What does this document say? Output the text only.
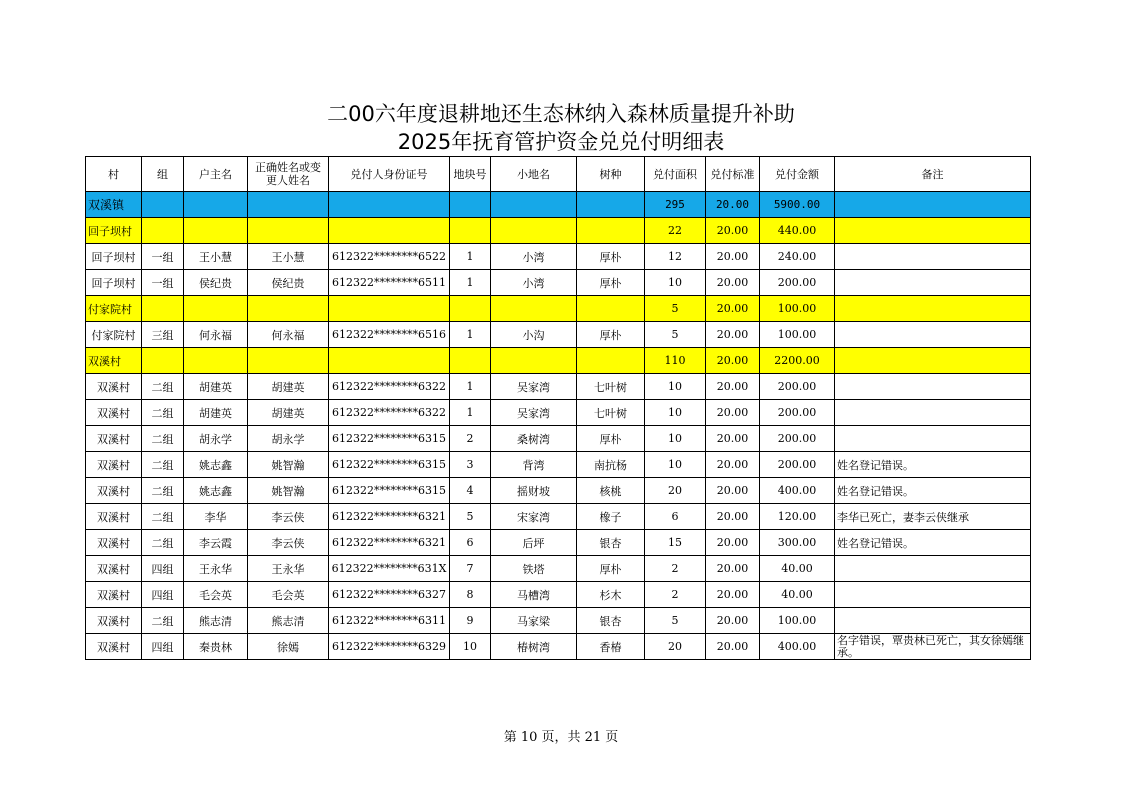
二00六年度退耕地还生态林纳入森林质量提升补助
2025年抚育管护资金兑兑付明细表
村	组	户主名	正确姓名或变更人姓名	兑付人身份证号	地块号	小地名	树种	兑付面积	兑付标准	兑付金额	备注
双溪镇								295	20.00	5900.00	
回子坝村								22	20.00	440.00	
回子坝村	一组	王小慧	王小慧	612322********6522	1	小湾	厚朴	12	20.00	240.00	
回子坝村	一组	侯纪贵	侯纪贵	612322********6511	1	小湾	厚朴	10	20.00	200.00	
付家院村								5	20.00	100.00	
付家院村	三组	何永福	何永福	612322********6516	1	小沟	厚朴	5	20.00	100.00	
双溪村								110	20.00	2200.00	
双溪村	二组	胡建英	胡建英	612322********6322	1	吴家湾	七叶树	10	20.00	200.00	
双溪村	二组	胡建英	胡建英	612322********6322	1	吴家湾	七叶树	10	20.00	200.00	
双溪村	二组	胡永学	胡永学	612322********6315	2	桑树湾	厚朴	10	20.00	200.00	
双溪村	二组	姚志鑫	姚智瀚	612322********6315	3	背湾	南抗杨	10	20.00	200.00	姓名登记错误。
双溪村	二组	姚志鑫	姚智瀚	612322********6315	4	摇财坡	核桃	20	20.00	400.00	姓名登记错误。
双溪村	二组	李华	李云侠	612322********6321	5	宋家湾	橡子	6	20.00	120.00	李华已死亡，妻李云侠继承
双溪村	二组	李云霞	李云侠	612322********6321	6	后坪	银杏	15	20.00	300.00	姓名登记错误。
双溪村	四组	王永华	王永华	612322********631X	7	铁塔	厚朴	2	20.00	40.00	
双溪村	四组	毛会英	毛会英	612322********6327	8	马槽湾	杉木	2	20.00	40.00	
双溪村	二组	熊志清	熊志清	612322********6311	9	马家梁	银杏	5	20.00	100.00	
双溪村	四组	秦贵林	徐嫣	612322********6329	10	椿树湾	香椿	20	20.00	400.00	名字错误，覃贵林已死亡，其女徐嫣继承。
第 10 页，共 21 页
